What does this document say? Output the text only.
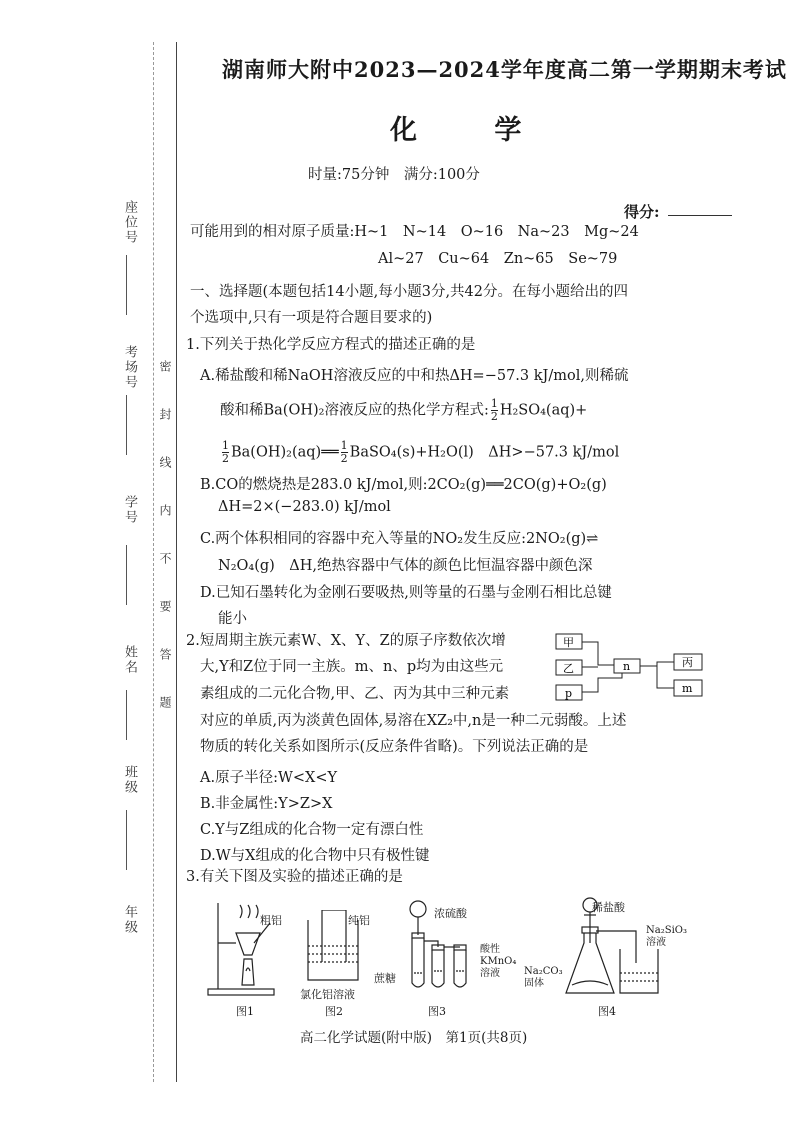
座位号
考场号
学号
姓名
班级
年级
密　封　线　内　不　要　答　题
湖南师大附中2023—2024学年度高二第一学期期末考试
化 学
时量:75分钟　满分:100分
得分:
可能用到的相对原子质量:H~1　N~14　O~16　Na~23　Mg~24
Al~27　Cu~64　Zn~65　Se~79
一、选择题(本题包括14小题,每小题3分,共42分。在每小题给出的四
个选项中,只有一项是符合题目要求的)
1.下列关于热化学反应方程式的描述正确的是
A.稀盐酸和稀NaOH溶液反应的中和热ΔH=−57.3 kJ/mol,则稀硫
酸和稀Ba(OH)₂溶液反应的热化学方程式: $\frac{1}{2} H_2SO_4(aq)+$
$\frac{1}{2}$ Ba(OH)₂(aq)══ $\frac{1}{2}$ BaSO₄(s)+H₂O(l)　ΔH>−57.3 kJ/mol
B.CO的燃烧热是283.0 kJ/mol,则:2CO₂(g)══2CO(g)+O₂(g)
ΔH=2×(−283.0) kJ/mol
C.两个体积相同的容器中充入等量的NO₂发生反应:2NO₂(g)⇌
N₂O₄(g)　ΔH,绝热容器中气体的颜色比恒温容器中颜色深
D.已知石墨转化为金刚石要吸热,则等量的石墨与金刚石相比总键
能小
2.短周期主族元素W、X、Y、Z的原子序数依次增
大,Y和Z位于同一主族。m、n、p均为由这些元
素组成的二元化合物,甲、乙、丙为其中三种元素
对应的单质,丙为淡黄色固体,易溶在XZ₂中,n是一种二元弱酸。上述
物质的转化关系如图所示(反应条件省略)。下列说法正确的是
A.原子半径:W<X<Y
B.非金属性:Y>Z>X
C.Y与Z组成的化合物一定有漂白性
D.W与X组成的化合物中只有极性键
甲
乙
p
n	丙
m
3.有关下图及实验的描述正确的是
图1
粗铝	纯铝
氯化铝溶液
图2
浓硫酸
蔗糖
酸性
KMnO₄
溶液
图3
稀盐酸
Na₂CO₃
固体
Na₂SiO₃
溶液
图4
高二化学试题(附中版)　第1页(共8页)
